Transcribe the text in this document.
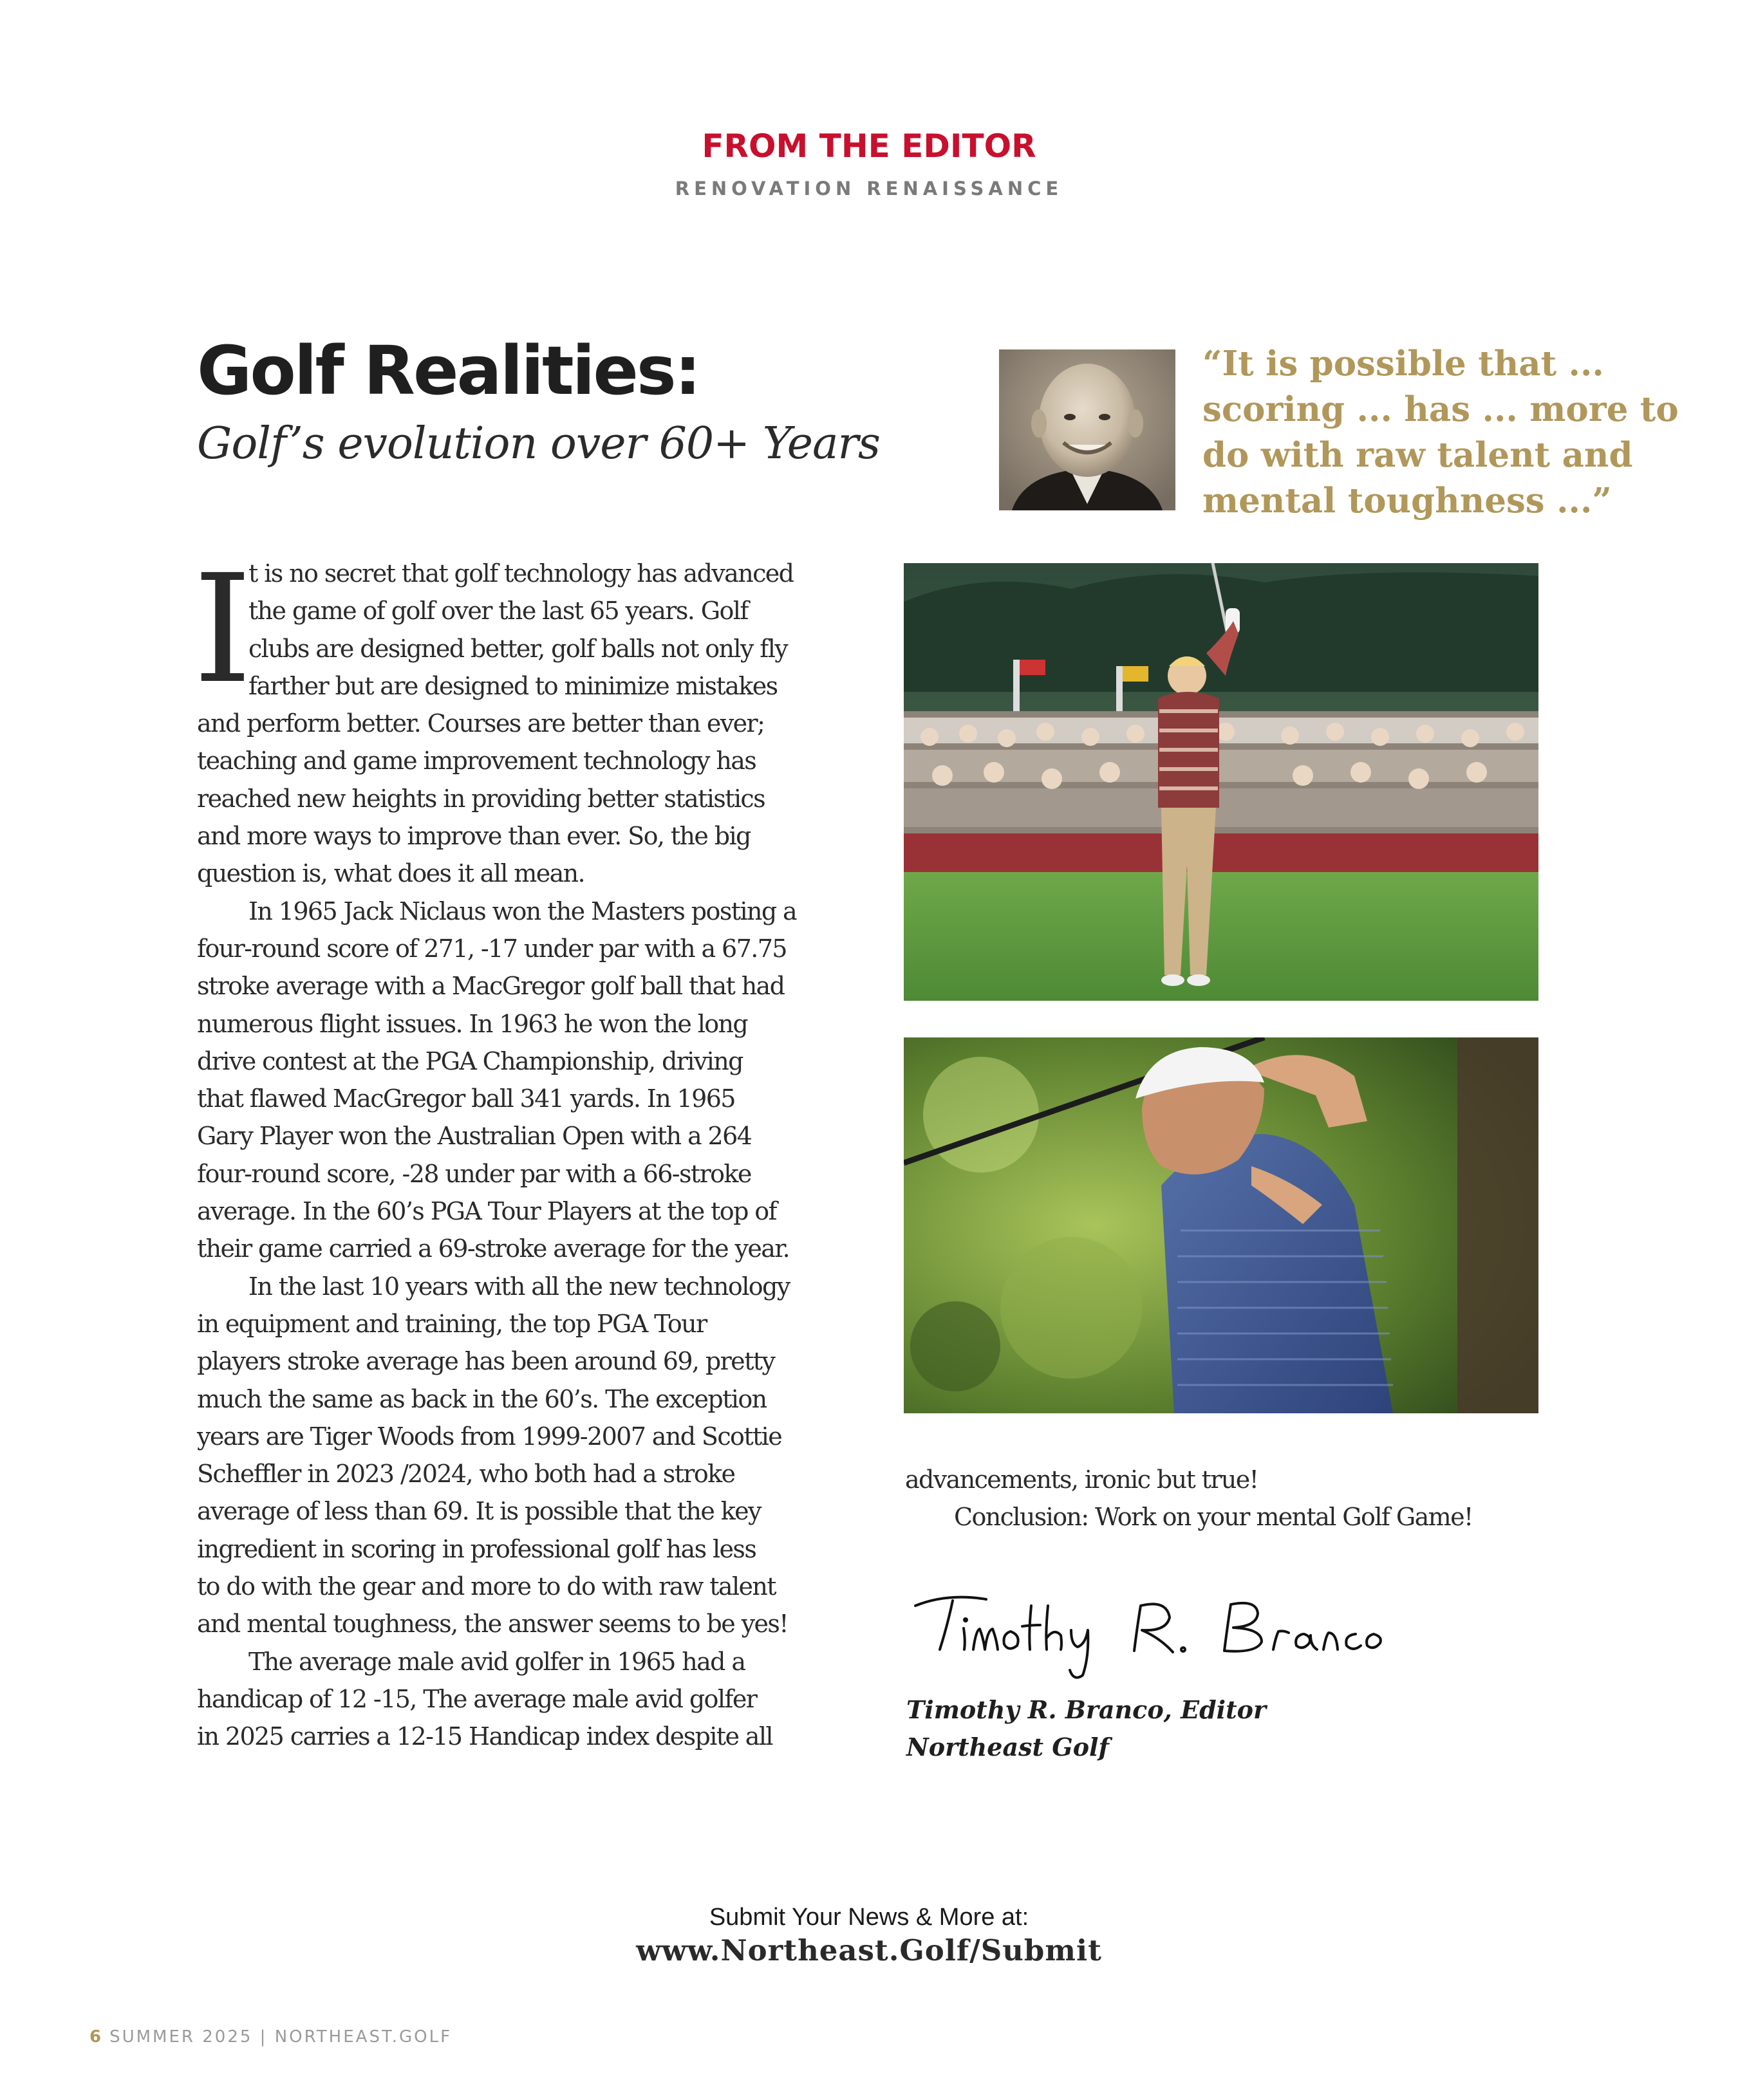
FROM THE EDITOR
RENOVATION RENAISSANCE
Golf Realities:
Golf’s evolution over 60+ Years
“It is possible that ...
scoring ... has ... more to
do with raw talent and
mental toughness ...”
I
t is no secret that golf technology has advanced
the game of golf over the last 65 years. Golf
clubs are designed better, golf balls not only fly
farther but are designed to minimize mistakes
and perform better. Courses are better than ever;
teaching and game improvement technology has
reached new heights in providing better statistics
and more ways to improve than ever. So, the big
question is, what does it all mean.
In 1965 Jack Niclaus won the Masters posting a
four-round score of 271, -17 under par with a 67.75
stroke average with a MacGregor golf ball that had
numerous flight issues. In 1963 he won the long
drive contest at the PGA Championship, driving
that flawed MacGregor ball 341 yards. In 1965
Gary Player won the Australian Open with a 264
four-round score, -28 under par with a 66-stroke
average. In the 60’s PGA Tour Players at the top of
their game carried a 69-stroke average for the year.
In the last 10 years with all the new technology
in equipment and training, the top PGA Tour
players stroke average has been around 69, pretty
much the same as back in the 60’s. The exception
years are Tiger Woods from 1999-2007 and Scottie
Scheffler in 2023 /2024, who both had a stroke
average of less than 69. It is possible that the key
ingredient in scoring in professional golf has less
to do with the gear and more to do with raw talent
and mental toughness, the answer seems to be yes!
The average male avid golfer in 1965 had a
handicap of 12 -15, The average male avid golfer
in 2025 carries a 12-15 Handicap index despite all
advancements, ironic but true!
Conclusion: Work on your mental Golf Game!
Timothy R. Branco, Editor
Northeast Golf
Submit Your News & More at:
www.Northeast.Golf/Submit
6 SUMMER 2025 | NORTHEAST.GOLF
